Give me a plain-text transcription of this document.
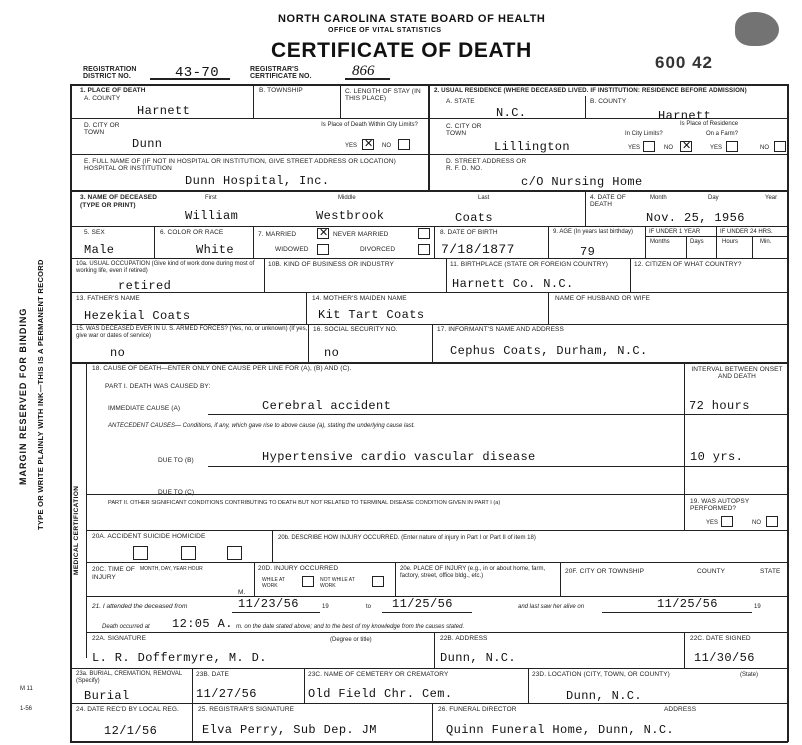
NORTH CAROLINA STATE BOARD OF HEALTH
OFFICE OF VITAL STATISTICS
CERTIFICATE OF DEATH
REGISTRATION DISTRICT NO.	43-70	REGISTRAR'S CERTIFICATE NO.	866	600 42
MARGIN RESERVED FOR BINDING TYPE OR WRITE PLAINLY WITH INK—THIS IS A PERMANENT RECORD
MEDICAL CERTIFICATION
M 11
1-56
1. PLACE OF DEATH
A. COUNTY
Harnett
B. TOWNSHIP	C. LENGTH OF STAY (IN THIS PLACE)
D. CITY OR TOWN
Dunn
Is Place of Death Within City Limits?
YES ✕ NO
E. FULL NAME OF (IF NOT IN HOSPITAL OR INSTITUTION, GIVE STREET ADDRESS OR LOCATION) HOSPITAL OR INSTITUTION
Dunn Hospital, Inc.
2. USUAL RESIDENCE (WHERE DECEASED LIVED. IF INSTITUTION: RESIDENCE BEFORE ADMISSION)
A. STATE
N.C.
B. COUNTY
Harnett
Is Place of Residence
C. CITY OR TOWN
Lillington
In City Limits?	On a Farm?
YES	NO ✕	YES	NO
D. STREET ADDRESS OR R. F. D. NO.
c/O Nursing Home
3. NAME OF DECEASED (TYPE OR PRINT)
First	Middle	Last
William	Westbrook	Coats
4. DATE OF DEATH
Month	Day	Year
Nov. 25, 1956
5. SEX
Male
6. COLOR OR RACE
White
7. MARRIED ✕ NEVER MARRIED
WIDOWED	DIVORCED
8. DATE OF BIRTH
7/18/1877
9. AGE (In years last birthday)
79
IF UNDER 1 YEAR	IF UNDER 24 HRS.
Months	Days	Hours	Min.
10a. USUAL OCCUPATION (Give kind of work done during most of working life, even if retired)
retired
10B. KIND OF BUSINESS OR INDUSTRY	11. BIRTHPLACE (STATE OR FOREIGN COUNTRY)
Harnett Co. N.C.
12. CITIZEN OF WHAT COUNTRY?
13. FATHER'S NAME
Hezekial Coats
14. MOTHER'S MAIDEN NAME
Kit Tart Coats
NAME OF HUSBAND OR WIFE
15. WAS DECEASED EVER IN U. S. ARMED FORCES? (Yes, no, or unknown) (If yes, give war or dates of service)
no
16. SOCIAL SECURITY NO.
no
17. INFORMANT'S NAME AND ADDRESS
Cephus Coats, Durham, N.C.
18. CAUSE OF DEATH—ENTER ONLY ONE CAUSE PER LINE FOR (A), (B) AND (C).	INTERVAL BETWEEN ONSET AND DEATH
PART I. DEATH WAS CAUSED BY:
IMMEDIATE CAUSE (A)	Cerebral accident	72 hours
ANTECEDENT CAUSES— Conditions, if any, which gave rise to above cause (a), stating the underlying cause last.
DUE TO (B)	Hypertensive cardio vascular disease	10 yrs.
DUE TO (C)
PART II. OTHER SIGNIFICANT CONDITIONS CONTRIBUTING TO DEATH BUT NOT RELATED TO TERMINAL DISEASE CONDITION GIVEN IN PART I (a)	19. WAS AUTOPSY PERFORMED?
YES	NO
20A. ACCIDENT SUICIDE HOMICIDE	20b. DESCRIBE HOW INJURY OCCURRED. (Enter nature of injury in Part I or Part II of item 18)
20C. TIME OF INJURY
MONTH, DAY, YEAR HOUR
M.
20D. INJURY OCCURRED
WHILE AT WORK
NOT WHILE AT WORK
20e. PLACE OF INJURY (e.g., in or about home, farm, factory, street, office bldg., etc.)
20F. CITY OR TOWNSHIP	COUNTY	STATE
21. I attended the deceased from	11/23/56	19	to 11/25/56	and last saw her alive on	11/25/56	19
Death occurred at 12:05 A. m. on the date stated above; and to the best of my knowledge from the causes stated.
22A. SIGNATURE	(Degree or title)
L. R. Doffermyre, M. D.
22B. ADDRESS
Dunn, N.C.
22C. DATE SIGNED
11/30/56
23a. BURIAL, CREMATION, REMOVAL (Specify)
Burial
23B. DATE
11/27/56
23C. NAME OF CEMETERY OR CREMATORY
Old Field Chr. Cem.
23D. LOCATION (CITY, TOWN, OR COUNTY)	(State)
Dunn, N.C.
24. DATE REC'D BY LOCAL REG.
12/1/56
25. REGISTRAR'S SIGNATURE
Elva Perry, Sub Dep. JM
26. FUNERAL DIRECTOR	ADDRESS
Quinn Funeral Home, Dunn, N.C.
